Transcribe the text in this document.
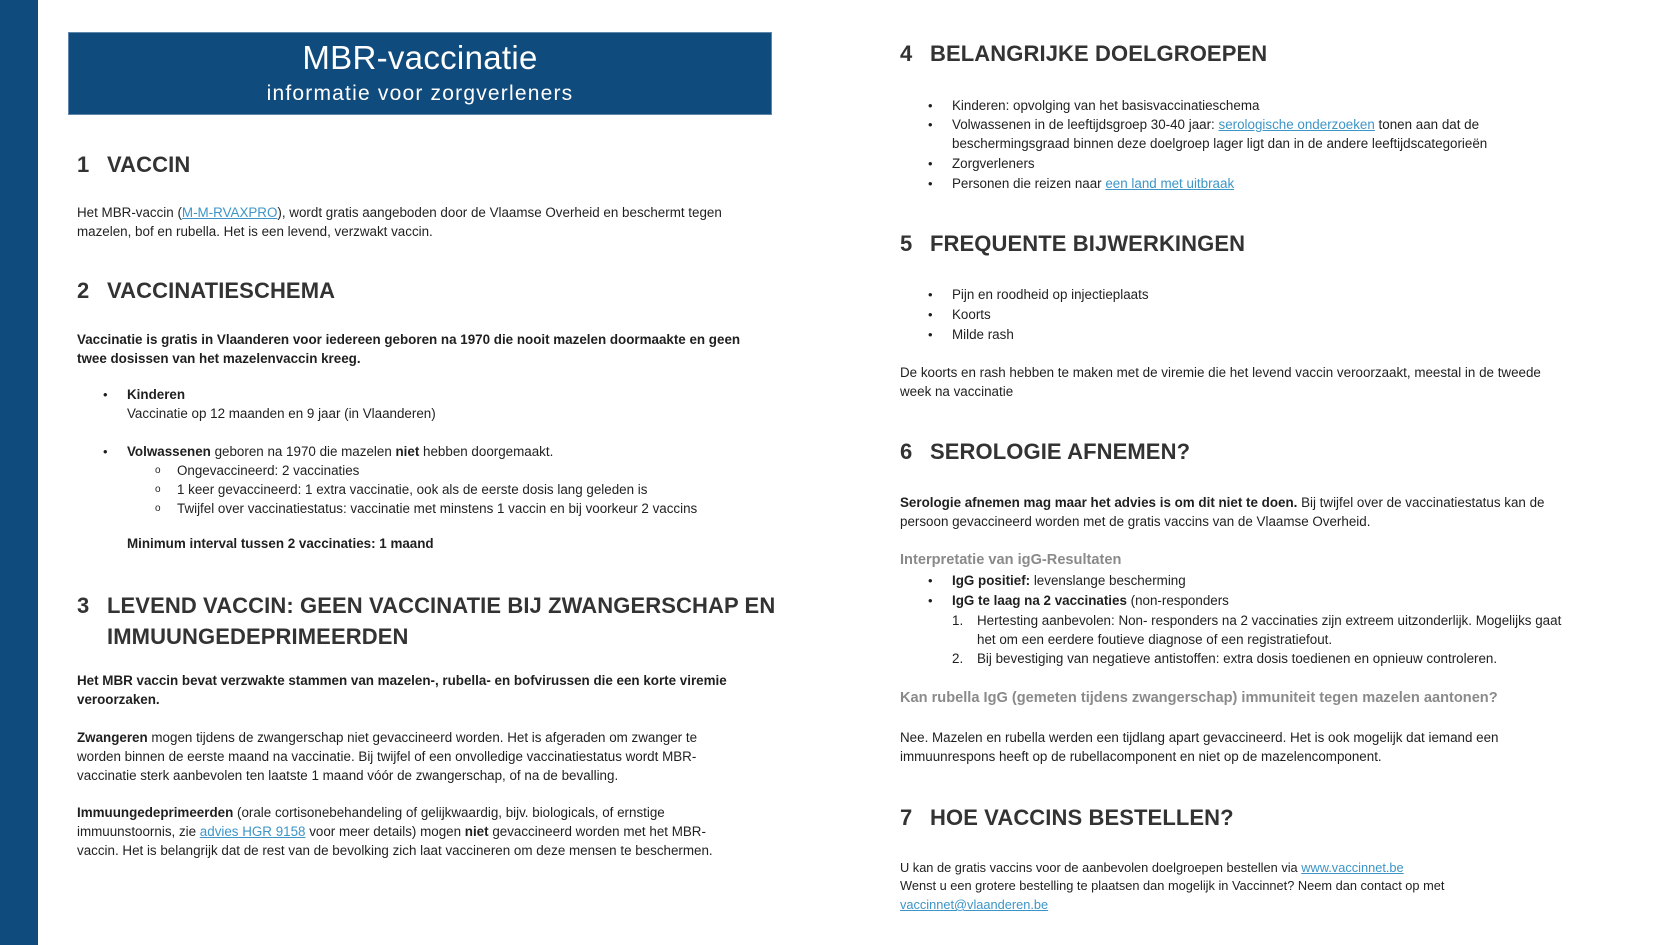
MBR-vaccinatie
informatie voor zorgverleners
1 VACCIN
Het MBR-vaccin (M-M-RVAXPRO), wordt gratis aangeboden door de Vlaamse Overheid en beschermt tegen
mazelen, bof en rubella. Het is een levend, verzwakt vaccin.
2 VACCINATIESCHEMA
Vaccinatie is gratis in Vlaanderen voor iedereen geboren na 1970 die nooit mazelen doormaakte en geen
twee dosissen van het mazelenvaccin kreeg.
• Kinderen
Vaccinatie op 12 maanden en 9 jaar (in Vlaanderen)
• Volwassenen geboren na 1970 die mazelen niet hebben doorgemaakt.
o Ongevaccineerd: 2 vaccinaties
o 1 keer gevaccineerd: 1 extra vaccinatie, ook als de eerste dosis lang geleden is
o Twijfel over vaccinatiestatus: vaccinatie met minstens 1 vaccin en bij voorkeur 2 vaccins
Minimum interval tussen 2 vaccinaties: 1 maand
3 LEVEND VACCIN: GEEN VACCINATIE BIJ ZWANGERSCHAP EN
IMMUUNGEDEPRIMEERDEN
Het MBR vaccin bevat verzwakte stammen van mazelen-, rubella- en bofvirussen die een korte viremie
veroorzaken.
Zwangeren mogen tijdens de zwangerschap niet gevaccineerd worden. Het is afgeraden om zwanger te
worden binnen de eerste maand na vaccinatie. Bij twijfel of een onvolledige vaccinatiestatus wordt MBR-
vaccinatie sterk aanbevolen ten laatste 1 maand vóór de zwangerschap, of na de bevalling.
Immuungedeprimeerden (orale cortisonebehandeling of gelijkwaardig, bijv. biologicals, of ernstige
immuunstoornis, zie advies HGR 9158 voor meer details) mogen niet gevaccineerd worden met het MBR-
vaccin. Het is belangrijk dat de rest van de bevolking zich laat vaccineren om deze mensen te beschermen.
4 BELANGRIJKE DOELGROEPEN
• Kinderen: opvolging van het basisvaccinatieschema
• Volwassenen in de leeftijdsgroep 30-40 jaar: serologische onderzoeken tonen aan dat de
beschermingsgraad binnen deze doelgroep lager ligt dan in de andere leeftijdscategorieën
• Zorgverleners
• Personen die reizen naar een land met uitbraak
5 FREQUENTE BIJWERKINGEN
• Pijn en roodheid op injectieplaats
• Koorts
• Milde rash
De koorts en rash hebben te maken met de viremie die het levend vaccin veroorzaakt, meestal in de tweede
week na vaccinatie
6 SEROLOGIE AFNEMEN?
Serologie afnemen mag maar het advies is om dit niet te doen. Bij twijfel over de vaccinatiestatus kan de
persoon gevaccineerd worden met de gratis vaccins van de Vlaamse Overheid.
Interpretatie van igG-Resultaten
• IgG positief: levenslange bescherming
• IgG te laag na 2 vaccinaties (non-responders
1. Hertesting aanbevolen: Non- responders na 2 vaccinaties zijn extreem uitzonderlijk. Mogelijks gaat
het om een eerdere foutieve diagnose of een registratiefout.
2. Bij bevestiging van negatieve antistoffen: extra dosis toedienen en opnieuw controleren.
Kan rubella IgG (gemeten tijdens zwangerschap) immuniteit tegen mazelen aantonen?
Nee. Mazelen en rubella werden een tijdlang apart gevaccineerd. Het is ook mogelijk dat iemand een
immuunrespons heeft op de rubellacomponent en niet op de mazelencomponent.
7 HOE VACCINS BESTELLEN?
U kan de gratis vaccins voor de aanbevolen doelgroepen bestellen via www.vaccinnet.be
Wenst u een grotere bestelling te plaatsen dan mogelijk in Vaccinnet? Neem dan contact op met
vaccinnet@vlaanderen.be
